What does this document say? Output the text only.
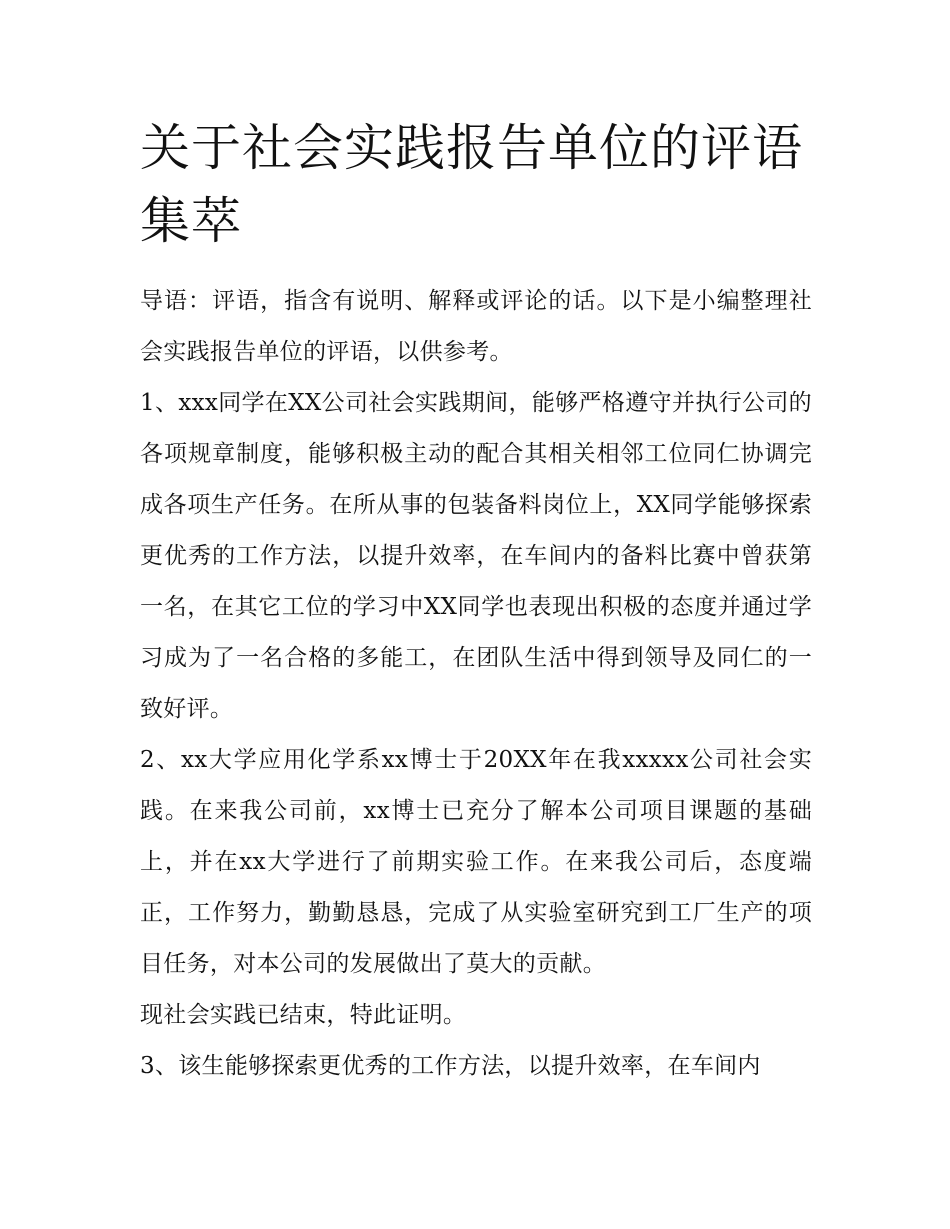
关于社会实践报告单位的评语集萃

导语：评语，指含有说明、解释或评论的话。以下是小编整理社会实践报告单位的评语，以供参考。

1、xxx同学在XX公司社会实践期间，能够严格遵守并执行公司的各项规章制度，能够积极主动的配合其相关相邻工位同仁协调完成各项生产任务。在所从事的包装备料岗位上，XX同学能够探索更优秀的工作方法，以提升效率，在车间内的备料比赛中曾获第一名，在其它工位的学习中XX同学也表现出积极的态度并通过学习成为了一名合格的多能工，在团队生活中得到领导及同仁的一致好评。

2、xx大学应用化学系xx博士于20XX年在我xxxxx公司社会实践。在来我公司前，xx博士已充分了解本公司项目课题的基础上，并在xx大学进行了前期实验工作。在来我公司后，态度端正，工作努力，勤勤恳恳，完成了从实验室研究到工厂生产的项目任务，对本公司的发展做出了莫大的贡献。

现社会实践已结束，特此证明。

3、该生能够探索更优秀的工作方法，以提升效率，在车间内
